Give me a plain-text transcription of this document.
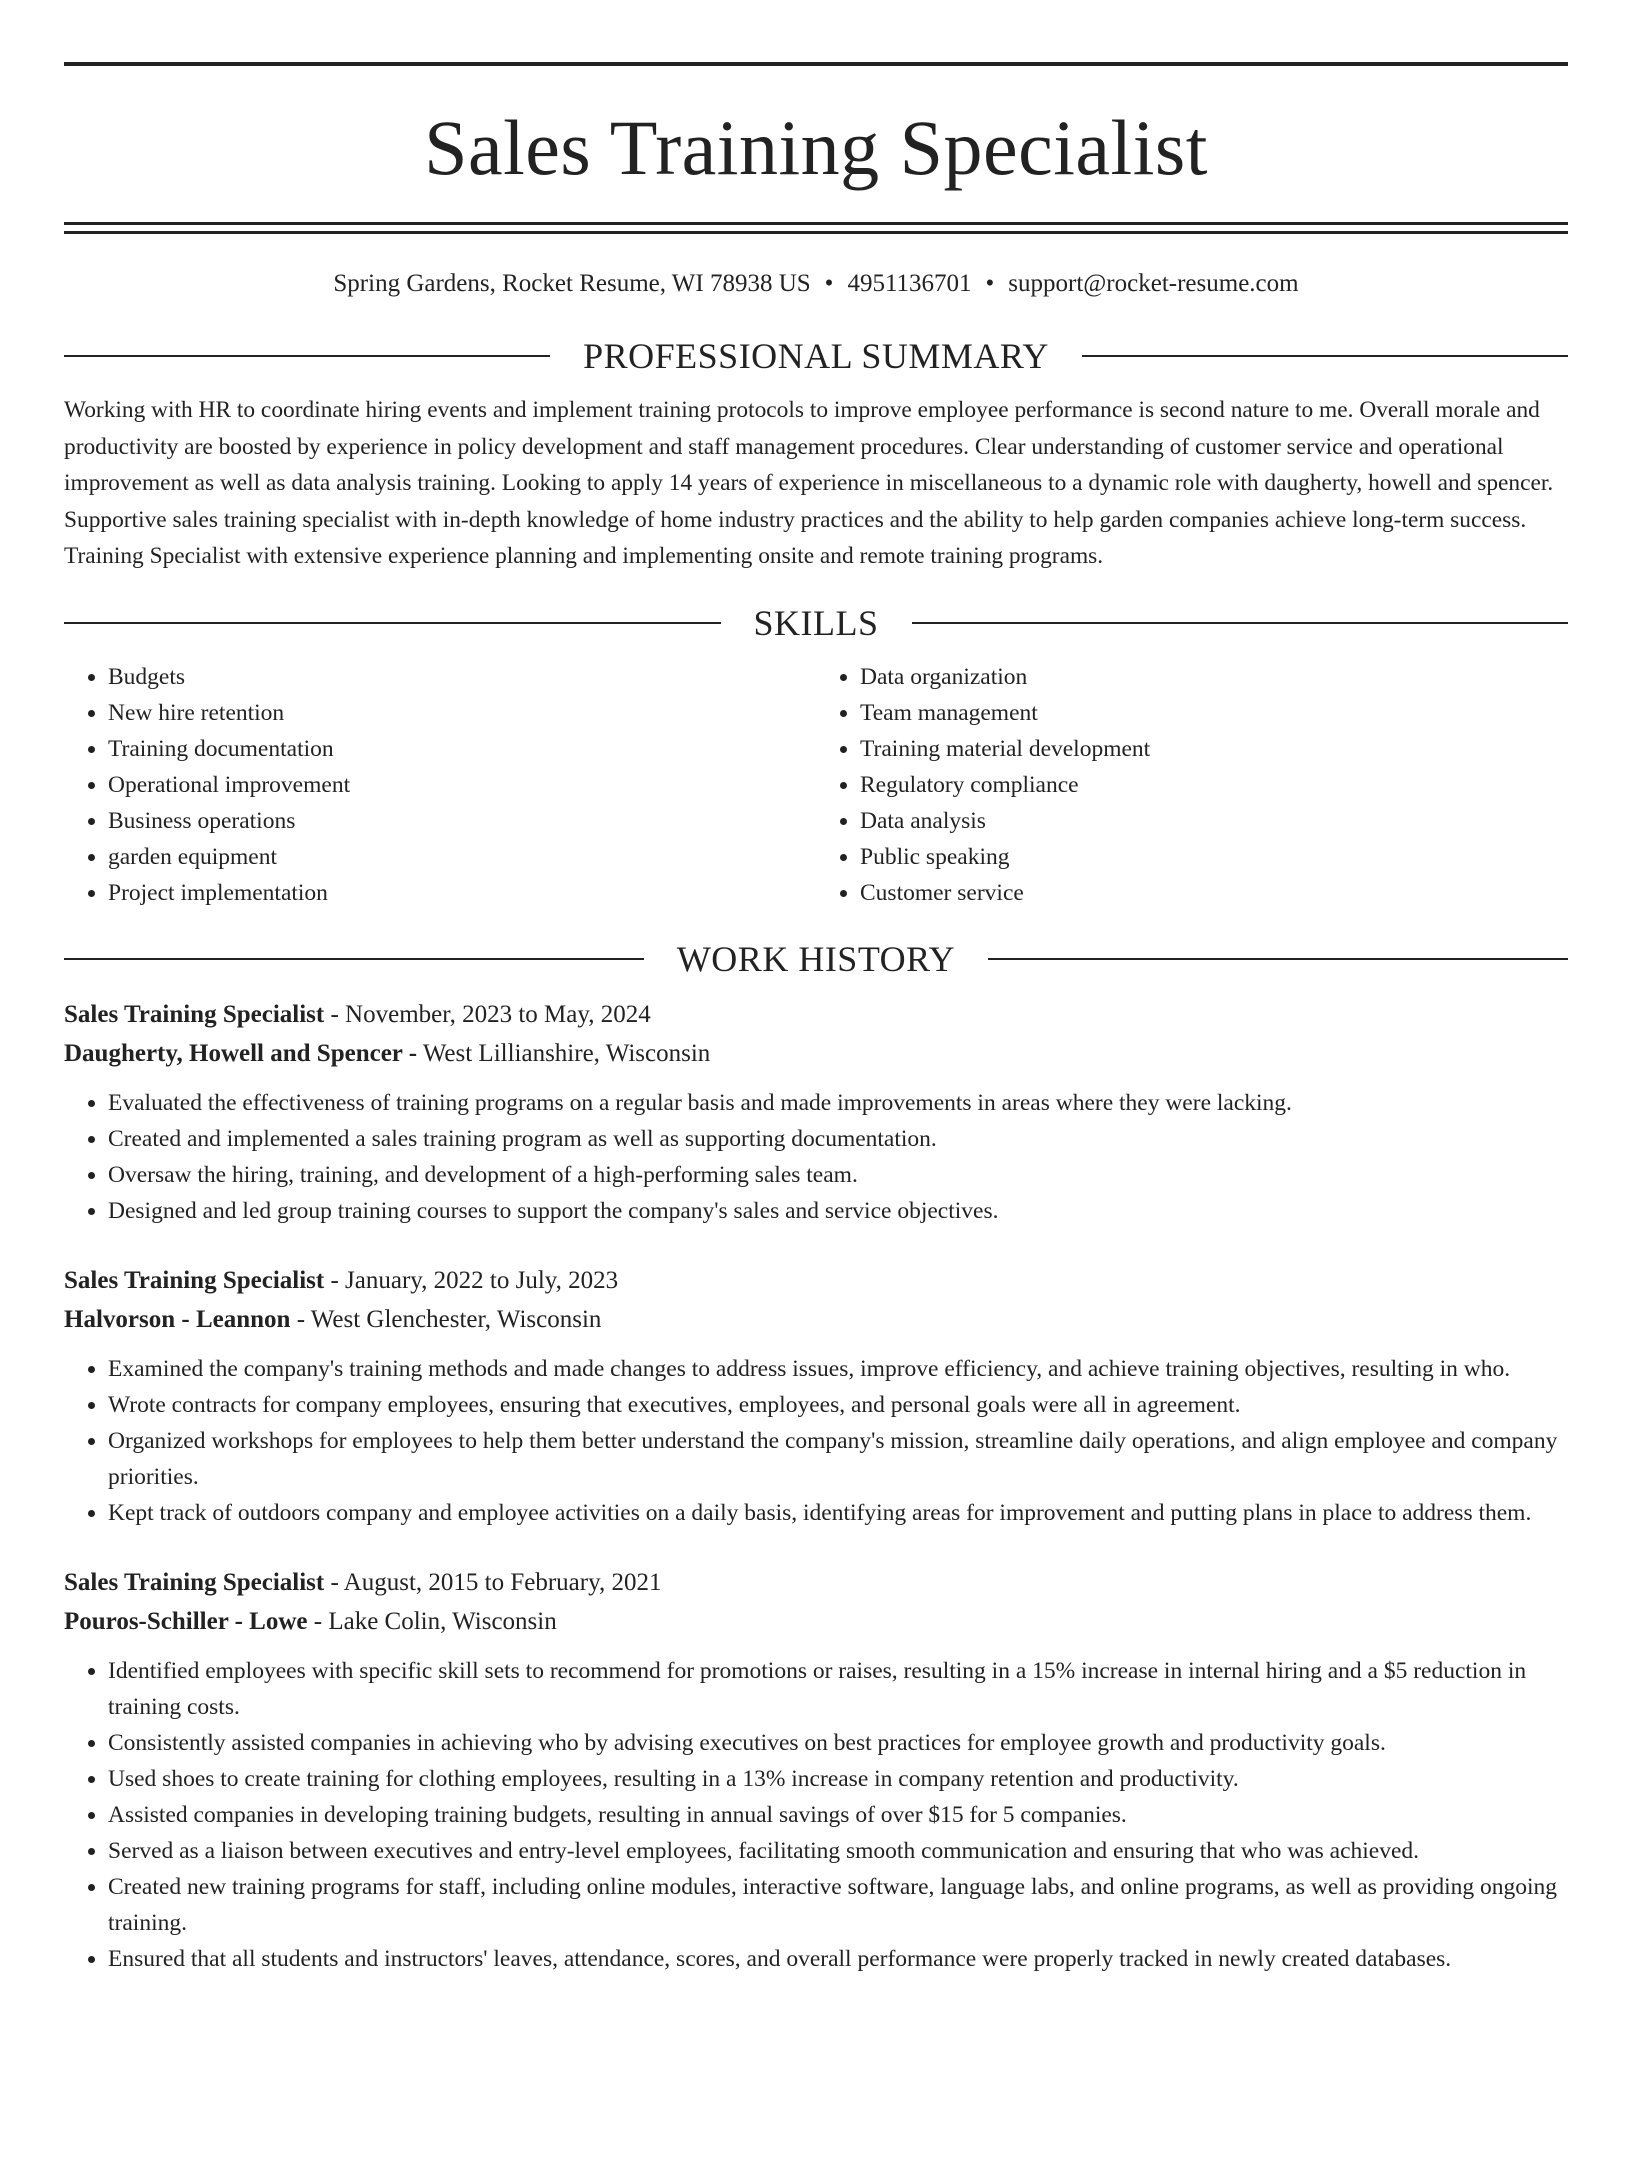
Sales Training Specialist
Spring Gardens, Rocket Resume, WI 78938 US • 4951136701 • support@rocket-resume.com
PROFESSIONAL SUMMARY

Working with HR to coordinate hiring events and implement training protocols to improve employee performance is second nature to me. Overall morale and productivity are boosted by experience in policy development and staff management procedures. Clear understanding of customer service and operational improvement as well as data analysis training. Looking to apply 14 years of experience in miscellaneous to a dynamic role with daugherty, howell and spencer. Supportive sales training specialist with in-depth knowledge of home industry practices and the ability to help garden companies achieve long-term success. Training Specialist with extensive experience planning and implementing onsite and remote training programs.

SKILLS
• Budgets
• New hire retention
• Training documentation
• Operational improvement
• Business operations
• garden equipment
• Project implementation
• Data organization
• Team management
• Training material development
• Regulatory compliance
• Data analysis
• Public speaking
• Customer service
WORK HISTORY
Sales Training Specialist - November, 2023 to May, 2024
Daugherty, Howell and Spencer - West Lillianshire, Wisconsin
• Evaluated the effectiveness of training programs on a regular basis and made improvements in areas where they were lacking.
• Created and implemented a sales training program as well as supporting documentation.
• Oversaw the hiring, training, and development of a high-performing sales team.
• Designed and led group training courses to support the company's sales and service objectives.
Sales Training Specialist - January, 2022 to July, 2023
Halvorson - Leannon - West Glenchester, Wisconsin
• Examined the company's training methods and made changes to address issues, improve efficiency, and achieve training objectives, resulting in who.
• Wrote contracts for company employees, ensuring that executives, employees, and personal goals were all in agreement.
• Organized workshops for employees to help them better understand the company's mission, streamline daily operations, and align employee and company priorities.
• Kept track of outdoors company and employee activities on a daily basis, identifying areas for improvement and putting plans in place to address them.
Sales Training Specialist - August, 2015 to February, 2021
Pouros-Schiller - Lowe - Lake Colin, Wisconsin
• Identified employees with specific skill sets to recommend for promotions or raises, resulting in a 15% increase in internal hiring and a $5 reduction in training costs.
• Consistently assisted companies in achieving who by advising executives on best practices for employee growth and productivity goals.
• Used shoes to create training for clothing employees, resulting in a 13% increase in company retention and productivity.
• Assisted companies in developing training budgets, resulting in annual savings of over $15 for 5 companies.
• Served as a liaison between executives and entry-level employees, facilitating smooth communication and ensuring that who was achieved.
• Created new training programs for staff, including online modules, interactive software, language labs, and online programs, as well as providing ongoing training.
• Ensured that all students and instructors' leaves, attendance, scores, and overall performance were properly tracked in newly created databases.
